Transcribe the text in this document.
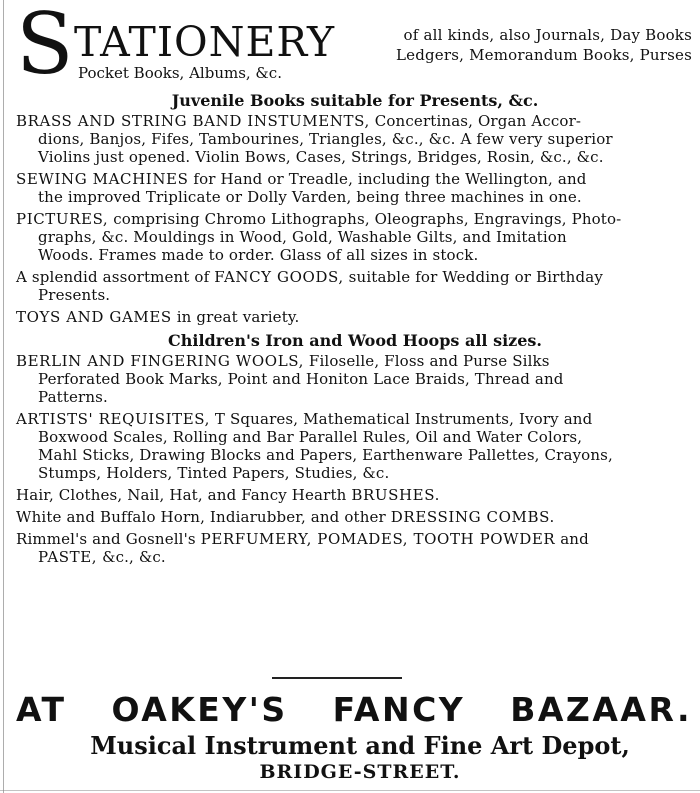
S TATIONERY	of all kinds, also Journals, Day Books
Ledgers, Memorandum Books, Purses
Pocket Books, Albums, &c.

Juvenile Books suitable for Presents, &c.

BRASS AND STRING BAND INSTUMENTS, Concertinas, Organ Accor-
dions, Banjos, Fifes, Tambourines, Triangles, &c., &c. A few very superior
Violins just opened. Violin Bows, Cases, Strings, Bridges, Rosin, &c., &c.

SEWING MACHINES for Hand or Treadle, including the Wellington, and
the improved Triplicate or Dolly Varden, being three machines in one.

PICTURES, comprising Chromo Lithographs, Oleographs, Engravings, Photo-
graphs, &c. Mouldings in Wood, Gold, Washable Gilts, and Imitation
Woods. Frames made to order. Glass of all sizes in stock.

A splendid assortment of FANCY GOODS, suitable for Wedding or Birthday
Presents.

TOYS AND GAMES in great variety.

Children's Iron and Wood Hoops all sizes.

BERLIN AND FINGERING WOOLS, Filoselle, Floss and Purse Silks
Perforated Book Marks, Point and Honiton Lace Braids, Thread and
Patterns.

ARTISTS' REQUISITES, T Squares, Mathematical Instruments, Ivory and
Boxwood Scales, Rolling and Bar Parallel Rules, Oil and Water Colors,
Mahl Sticks, Drawing Blocks and Papers, Earthenware Pallettes, Crayons,
Stumps, Holders, Tinted Papers, Studies, &c.

Hair, Clothes, Nail, Hat, and Fancy Hearth BRUSHES.

White and Buffalo Horn, Indiarubber, and other DRESSING COMBS.

Rimmel's and Gosnell's PERFUMERY, POMADES, TOOTH POWDER and
PASTE, &c., &c.

AT OAKEY'S FANCY BAZAAR.
Musical Instrument and Fine Art Depot,
BRIDGE-STREET.
